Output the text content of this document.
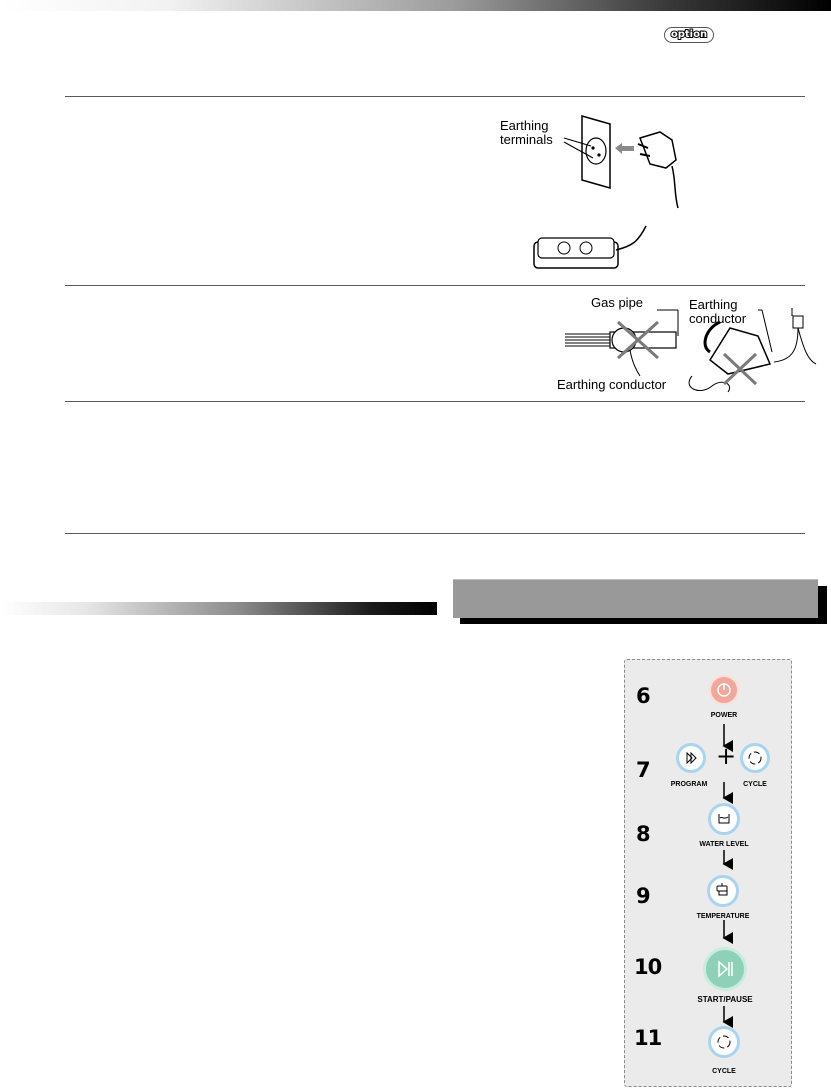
option
Earthing
terminals
Gas pipe	Earthing
conductor
Earthing conductor
6
7
8
9
10
11
+
POWER
PROGRAM	CYCLE
WATER LEVEL
TEMPERATURE
START/PAUSE
CYCLE
